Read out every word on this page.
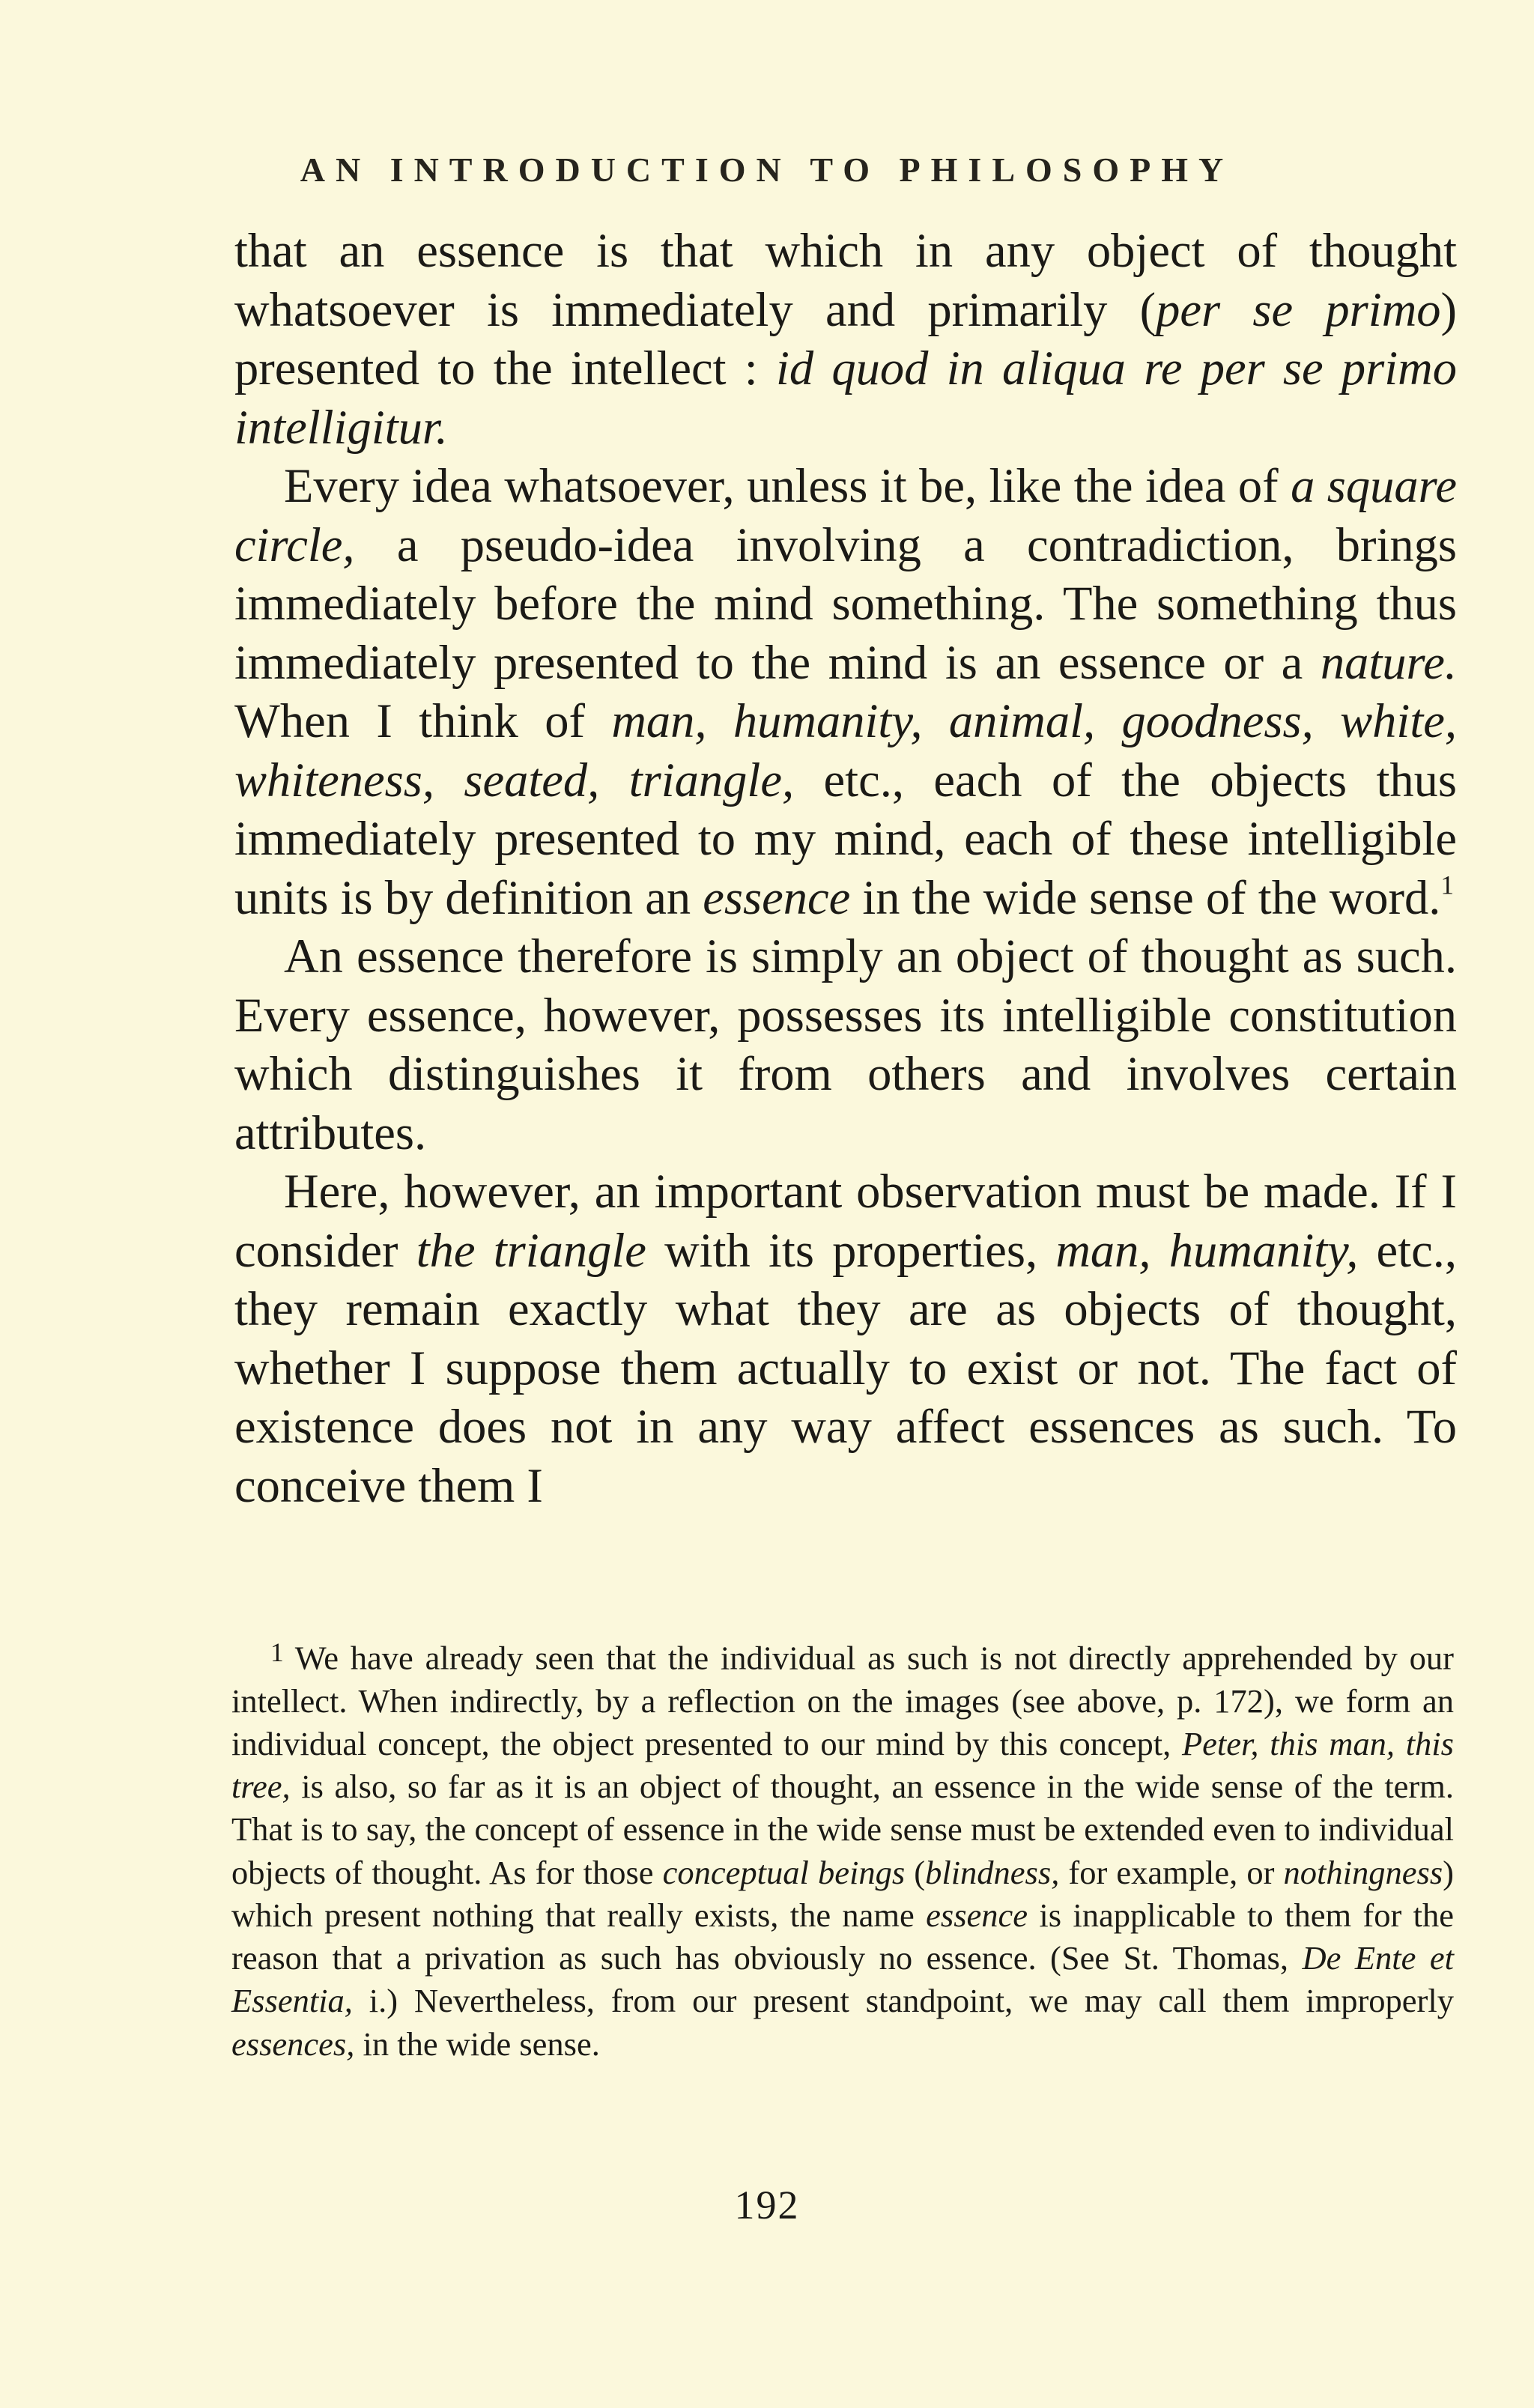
AN INTRODUCTION TO PHILOSOPHY

that an essence is that which in any object of thought whatsoever is immediately and primarily (per se primo) presented to the intellect : id quod in aliqua re per se primo intelligitur.

Every idea whatsoever, unless it be, like the idea of a square circle, a pseudo-idea involving a contradiction, brings immediately before the mind something. The something thus immediately presented to the mind is an essence or a nature. When I think of man, humanity, animal, goodness, white, whiteness, seated, triangle, etc., each of the objects thus immediately presented to my mind, each of these intelligible units is by definition an essence in the wide sense of the word.$^1$

An essence therefore is simply an object of thought as such. Every essence, however, possesses its intelligible constitution which distinguishes it from others and involves certain attributes.

Here, however, an important observation must be made. If I consider the triangle with its properties, man, humanity, etc., they remain exactly what they are as objects of thought, whether I suppose them actually to exist or not. The fact of existence does not in any way affect essences as such. To conceive them I

$^1$ We have already seen that the individual as such is not directly apprehended by our intellect. When indirectly, by a reflection on the images (see above, p. 172), we form an individual concept, the object presented to our mind by this concept, Peter, this man, this tree, is also, so far as it is an object of thought, an essence in the wide sense of the term. That is to say, the concept of essence in the wide sense must be extended even to individual objects of thought. As for those conceptual beings (blindness, for example, or nothingness) which present nothing that really exists, the name essence is inapplicable to them for the reason that a privation as such has obviously no essence. (See St. Thomas, De Ente et Essentia, i.) Nevertheless, from our present standpoint, we may call them improperly essences, in the wide sense.

192
